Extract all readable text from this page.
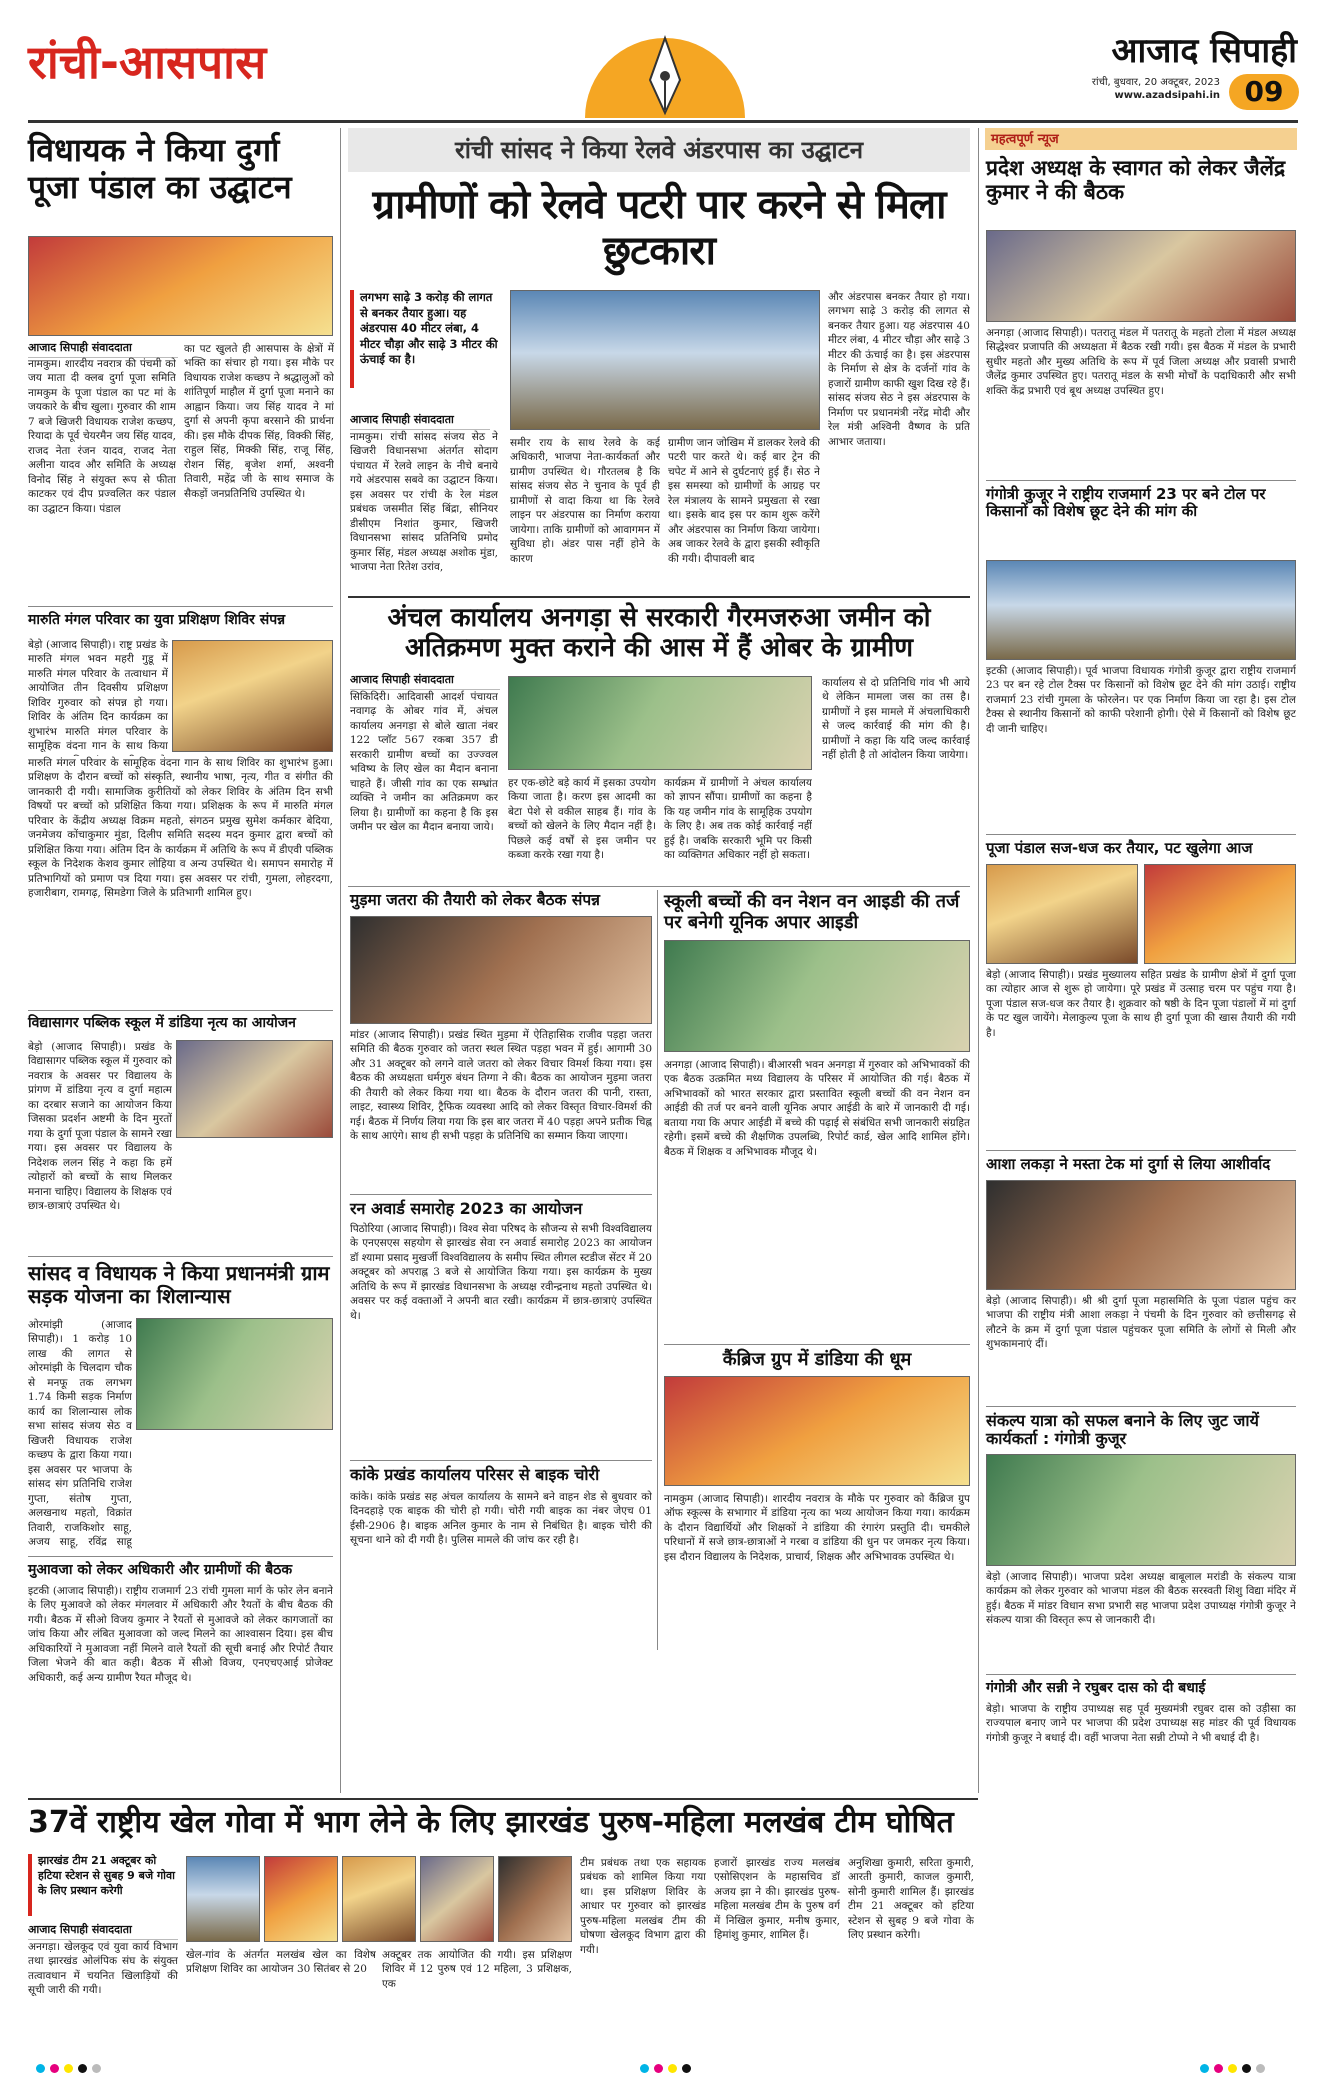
रांची-आसपास	आजाद सिपाही
रांची, बुधवार, 20 अक्टूबर, 2023
www.azadsipahi.in 09
विधायक ने किया दुर्गा पूजा पंडाल का उद्घाटन
आजाद सिपाही संवाददाता
नामकुम। शारदीय नवरात्र की पंचमी को जय माता दी क्लब दुर्गा पूजा समिति नामकुम के पूजा पंडाल का पट मां के जयकारे के बीच खुला। गुरुवार की शाम 7 बजे खिजरी विधायक राजेश कच्छप, रियादा के पूर्व चेयरमैन जय सिंह यादव, राजद नेता रंजन यादव, राजद नेता अलीना यादव और समिति के अध्यक्ष विनोद सिंह ने संयुक्त रूप से फीता काटकर एवं दीप प्रज्वलित कर पंडाल का उद्घाटन किया। पंडाल
का पट खुलते ही आसपास के क्षेत्रों में भक्ति का संचार हो गया। इस मौके पर विधायक राजेश कच्छप ने श्रद्धालुओं को शांतिपूर्ण माहौल में दुर्गा पूजा मनाने का आह्वान किया। जय सिंह यादव ने मां दुर्गा से अपनी कृपा बरसाने की प्रार्थना की। इस मौके दीपक सिंह, विक्की सिंह, राहुल सिंह, मिक्की सिंह, राजू सिंह, रोशन सिंह, बृजेश शर्मा, अश्वनी तिवारी, महेंद्र जी के साथ समाज के सैकड़ों जनप्रतिनिधि उपस्थित थे।
मारुति मंगल परिवार का युवा प्रशिक्षण शिविर संपन्न
बेड़ो (आजाद सिपाही)। राष्ट्र प्रखंड के मारुति मंगल भवन महरी गुडू में मारुति मंगल परिवार के तत्वाधान में आयोजित तीन दिवसीय प्रशिक्षण शिविर गुरुवार को संपन्न हो गया। शिविर के अंतिम दिन कार्यक्रम का शुभारंभ मारुति मंगल परिवार के सामूहिक वंदना गान के साथ किया
मारुति मंगल परिवार के सामूहिक वंदना गान के साथ शिविर का शुभारंभ हुआ। प्रशिक्षण के दौरान बच्चों को संस्कृति, स्थानीय भाषा, नृत्य, गीत व संगीत की जानकारी दी गयी। सामाजिक कुरीतियों को लेकर शिविर के अंतिम दिन सभी विषयों पर बच्चों को प्रशिक्षित किया गया। प्रशिक्षक के रूप में मारुति मंगल परिवार के केंद्रीय अध्यक्ष विक्रम महतो, संगठन प्रमुख सुमेश कर्मकार बेदिया, जनमेजय कोंचाकुमार मुंडा, दिलीप समिति सदस्य मदन कुमार द्वारा बच्चों को प्रशिक्षित किया गया। अंतिम दिन के कार्यक्रम में अतिथि के रूप में डीएवी पब्लिक स्कूल के निदेशक केशव कुमार लोहिया व अन्य उपस्थित थे। समापन समारोह में प्रतिभागियों को प्रमाण पत्र दिया गया। इस अवसर पर रांची, गुमला, लोहरदगा, हजारीबाग, रामगढ़, सिमडेगा जिले के प्रतिभागी शामिल हुए।
विद्यासागर पब्लिक स्कूल में डांडिया नृत्य का आयोजन
बेड़ो (आजाद सिपाही)। प्रखंड के विद्यासागर पब्लिक स्कूल में गुरुवार को नवरात्र के अवसर पर विद्यालय के प्रांगण में डांडिया नृत्य व दुर्गा महात्म का दरबार सजाने का आयोजन किया जिसका प्रदर्शन अष्टमी के दिन मुरतों गया के दुर्गा पूजा पंडाल के सामने रखा गया। इस अवसर पर विद्यालय के निदेशक ललन सिंह ने कहा कि हमें त्योहारों को बच्चों के साथ मिलकर मनाना चाहिए। विद्यालय के शिक्षक एवं छात्र-छात्राएं उपस्थित थे।
सांसद व विधायक ने किया प्रधानमंत्री ग्राम सड़क योजना का शिलान्यास
ओरमांझी (आजाद सिपाही)। 1 करोड़ 10 लाख की लागत से ओरमांझी के चिलदाग चौक से मनफू तक लगभग 1.74 किमी सड़क निर्माण कार्य का शिलान्यास लोक सभा सांसद संजय सेठ व खिजरी विधायक राजेश कच्छप के द्वारा किया गया। इस अवसर पर भाजपा के सांसद संग प्रतिनिधि राजेश गुप्ता, संतोष गुप्ता, अलखनाथ महतो, विक्रांत तिवारी, राजकिशोर साहू, अजय साहू, रविंद्र साहू
मुआवजा को लेकर अधिकारी और ग्रामीणों की बैठक
इटकी (आजाद सिपाही)। राष्ट्रीय राजमार्ग 23 रांची गुमला मार्ग के फोर लेन बनाने के लिए मुआवजे को लेकर मंगलवार में अधिकारी और रैयतों के बीच बैठक की गयी। बैठक में सीओ विजय कुमार ने रैयतों से मुआवजे को लेकर कागजातों का जांच किया और लंबित मुआवजा को जल्द मिलने का आश्वासन दिया। इस बीच अधिकारियों ने मुआवजा नहीं मिलने वाले रैयतों की सूची बनाई और रिपोर्ट तैयार जिला भेजने की बात कही। बैठक में सीओ विजय, एनएचएआई प्रोजेक्ट अधिकारी, कई अन्य ग्रामीण रैयत मौजूद थे।
रांची सांसद ने किया रेलवे अंडरपास का उद्घाटन
ग्रामीणों को रेलवे पटरी पार करने से मिला छुटकारा
लगभग साढ़े 3 करोड़ की लागत से बनकर तैयार हुआ। यह अंडरपास 40 मीटर लंबा, 4 मीटर चौड़ा और साढ़े 3 मीटर की ऊंचाई का है।
और अंडरपास बनकर तैयार हो गया। लगभग साढ़े 3 करोड़ की लागत से बनकर तैयार हुआ। यह अंडरपास 40 मीटर लंबा, 4 मीटर चौड़ा और साढ़े 3 मीटर की ऊंचाई का है। इस अंडरपास के निर्माण से क्षेत्र के दर्जनों गांव के हजारों ग्रामीण काफी खुश दिख रहे हैं। सांसद संजय सेठ ने इस अंडरपास के निर्माण पर प्रधानमंत्री नरेंद्र मोदी और रेल मंत्री अश्विनी वैष्णव के प्रति आभार जताया।
आजाद सिपाही संवाददाता
नामकुम। रांची सांसद संजय सेठ ने खिजरी विधानसभा अंतर्गत सोदाग पंचायत में रेलवे लाइन के नीचे बनाये गये अंडरपास सबवे का उद्घाटन किया। इस अवसर पर रांची के रेल मंडल प्रबंधक जसमीत सिंह बिंद्रा, सीनियर डीसीएम निशांत कुमार, खिजरी विधानसभा सांसद प्रतिनिधि प्रमोद कुमार सिंह, मंडल अध्यक्ष अशोक मुंडा, भाजपा नेता रितेश उरांव,
समीर राय के साथ रेलवे के कई अधिकारी, भाजपा नेता-कार्यकर्ता और ग्रामीण उपस्थित थे। गौरतलब है कि सांसद संजय सेठ ने चुनाव के पूर्व ही ग्रामीणों से वादा किया था कि रेलवे लाइन पर अंडरपास का निर्माण कराया जायेगा। ताकि ग्रामीणों को आवागमन में सुविधा हो। अंडर पास नहीं होने के कारण
ग्रामीण जान जोखिम में डालकर रेलवे की पटरी पार करते थे। कई बार ट्रेन की चपेट में आने से दुर्घटनाएं हुई हैं। सेठ ने इस समस्या को ग्रामीणों के आग्रह पर रेल मंत्रालय के सामने प्रमुखता से रखा था। इसके बाद इस पर काम शुरू करेंगे और अंडरपास का निर्माण किया जायेगा। अब जाकर रेलवे के द्वारा इसकी स्वीकृति की गयी। दीपावली बाद
अंचल कार्यालय अनगड़ा से सरकारी गैरमजरुआ जमीन को अतिक्रमण मुक्त कराने की आस में हैं ओबर के ग्रामीण
आजाद सिपाही संवाददाता
सिकिदिरी। आदिवासी आदर्श पंचायत नवागढ़ के ओबर गांव में, अंचल कार्यालय अनगड़ा से बोले खाता नंबर 122 प्लॉट 567 रकबा 357 डी सरकारी ग्रामीण बच्चों का उज्ज्वल भविष्य के लिए खेल का मैदान बनाना चाहते हैं। जीसी गांव का एक सम्भ्रांत व्यक्ति ने जमीन का अतिक्रमण कर लिया है। ग्रामीणों का कहना है कि इस जमीन पर खेल का मैदान बनाया जाये।
हर एक-छोटे बड़े कार्य में इसका उपयोग किया जाता है। करण इस आदमी का बेटा पेशे से वकील साहब हैं। गांव के बच्चों को खेलने के लिए मैदान नहीं है। पिछले कई वर्षों से इस जमीन पर कब्जा करके रखा गया है।
कार्यक्रम में ग्रामीणों ने अंचल कार्यालय को ज्ञापन सौंपा। ग्रामीणों का कहना है कि यह जमीन गांव के सामूहिक उपयोग के लिए है। अब तक कोई कार्रवाई नहीं हुई है। जबकि सरकारी भूमि पर किसी का व्यक्तिगत अधिकार नहीं हो सकता।
कार्यालय से दो प्रतिनिधि गांव भी आये थे लेकिन मामला जस का तस है। ग्रामीणों ने इस मामले में अंचलाधिकारी से जल्द कार्रवाई की मांग की है। ग्रामीणों ने कहा कि यदि जल्द कार्रवाई नहीं होती है तो आंदोलन किया जायेगा।
मुड़मा जतरा की तैयारी को लेकर बैठक संपन्न
मांडर (आजाद सिपाही)। प्रखंड स्थित मुड़मा में ऐतिहासिक राजीव पड़हा जतरा समिति की बैठक गुरुवार को जतरा स्थल स्थित पड़हा भवन में हुई। आगामी 30 और 31 अक्टूबर को लगने वाले जतरा को लेकर विचार विमर्श किया गया। इस बैठक की अध्यक्षता धर्मगुरु बंधन तिग्गा ने की। बैठक का आयोजन मुड़मा जतरा की तैयारी को लेकर किया गया था। बैठक के दौरान जतरा की पानी, रास्ता, लाइट, स्वास्थ्य शिविर, ट्रैफिक व्यवस्था आदि को लेकर विस्तृत विचार-विमर्श की गई। बैठक में निर्णय लिया गया कि इस बार जतरा में 40 पड़हा अपने प्रतीक चिह्न के साथ आएंगे। साथ ही सभी पड़हा के प्रतिनिधि का सम्मान किया जाएगा।
रन अवार्ड समारोह 2023 का आयोजन
पिठोरिया (आजाद सिपाही)। विश्व सेवा परिषद के सौजन्य से सभी विश्वविद्यालय के एनएसएस सहयोग से झारखंड सेवा रन अवार्ड समारोह 2023 का आयोजन डॉ श्यामा प्रसाद मुखर्जी विश्वविद्यालय के समीप स्थित लीगल स्टडीज सेंटर में 20 अक्टूबर को अपराह्न 3 बजे से आयोजित किया गया। इस कार्यक्रम के मुख्य अतिथि के रूप में झारखंड विधानसभा के अध्यक्ष रवीन्द्रनाथ महतो उपस्थित थे। अवसर पर कई वक्ताओं ने अपनी बात रखी। कार्यक्रम में छात्र-छात्राएं उपस्थित थे।
कांके प्रखंड कार्यालय परिसर से बाइक चोरी
कांके। कांके प्रखंड सह अंचल कार्यालय के सामने बने वाहन शेड से बुधवार को दिनदहाड़े एक बाइक की चोरी हो गयी। चोरी गयी बाइक का नंबर जेएच 01 ईसी-2906 है। बाइक अनिल कुमार के नाम से निबंधित है। बाइक चोरी की सूचना थाने को दी गयी है। पुलिस मामले की जांच कर रही है।
स्कूली बच्चों की वन नेशन वन आइडी की तर्ज पर बनेगी यूनिक अपार आइडी
अनगड़ा (आजाद सिपाही)। बीआरसी भवन अनगड़ा में गुरुवार को अभिभावकों की एक बैठक उत्क्रमित मध्य विद्यालय के परिसर में आयोजित की गई। बैठक में अभिभावकों को भारत सरकार द्वारा प्रस्तावित स्कूली बच्चों की वन नेशन वन आईडी की तर्ज पर बनने वाली यूनिक अपार आईडी के बारे में जानकारी दी गई। बताया गया कि अपार आईडी में बच्चे की पढ़ाई से संबंधित सभी जानकारी संग्रहित रहेगी। इसमें बच्चे की शैक्षणिक उपलब्धि, रिपोर्ट कार्ड, खेल आदि शामिल होंगे। बैठक में शिक्षक व अभिभावक मौजूद थे।
कैंब्रिज ग्रुप में डांडिया की धूम
नामकुम (आजाद सिपाही)। शारदीय नवरात्र के मौके पर गुरुवार को कैंब्रिज ग्रुप ऑफ स्कूल्स के सभागार में डांडिया नृत्य का भव्य आयोजन किया गया। कार्यक्रम के दौरान विद्यार्थियों और शिक्षकों ने डांडिया की रंगारंग प्रस्तुति दी। चमकीले परिधानों में सजे छात्र-छात्राओं ने गरबा व डांडिया की धुन पर जमकर नृत्य किया। इस दौरान विद्यालय के निदेशक, प्राचार्य, शिक्षक और अभिभावक उपस्थित थे।
महत्वपूर्ण न्यूज
प्रदेश अध्यक्ष के स्वागत को लेकर जैलेंद्र कुमार ने की बैठक
अनगड़ा (आजाद सिपाही)। पतरातू मंडल में पतरातू के महतो टोला में मंडल अध्यक्ष सिद्धेश्वर प्रजापति की अध्यक्षता में बैठक रखी गयी। इस बैठक में मंडल के प्रभारी सुधीर महतो और मुख्य अतिथि के रूप में पूर्व जिला अध्यक्ष और प्रवासी प्रभारी जैलेंद्र कुमार उपस्थित हुए। पतरातू मंडल के सभी मोर्चों के पदाधिकारी और सभी शक्ति केंद्र प्रभारी एवं बूथ अध्यक्ष उपस्थित हुए।
गंगोत्री कुजूर ने राष्ट्रीय राजमार्ग 23 पर बने टोल पर किसानों को विशेष छूट देने की मांग की
इटकी (आजाद सिपाही)। पूर्व भाजपा विधायक गंगोत्री कुजूर द्वारा राष्ट्रीय राजमार्ग 23 पर बन रहे टोल टैक्स पर किसानों को विशेष छूट देने की मांग उठाई। राष्ट्रीय राजमार्ग 23 रांची गुमला के फोरलेन। पर एक निर्माण किया जा रहा है। इस टोल टैक्स से स्थानीय किसानों को काफी परेशानी होगी। ऐसे में किसानों को विशेष छूट दी जानी चाहिए।
पूजा पंडाल सज-धज कर तैयार, पट खुलेगा आज
बेड़ो (आजाद सिपाही)। प्रखंड मुख्यालय सहित प्रखंड के ग्रामीण क्षेत्रों में दुर्गा पूजा का त्योहार आज से शुरू हो जायेगा। पूरे प्रखंड में उत्साह चरम पर पहुंच गया है। पूजा पंडाल सज-धज कर तैयार है। शुक्रवार को षष्ठी के दिन पूजा पंडालों में मां दुर्गा के पट खुल जायेंगे। मेलाकुल्य पूजा के साथ ही दुर्गा पूजा की खास तैयारी की गयी है।
आशा लकड़ा ने मस्ता टेक मां दुर्गा से लिया आशीर्वाद
बेड़ो (आजाद सिपाही)। श्री श्री दुर्गा पूजा महासमिति के पूजा पंडाल पहुंच कर भाजपा की राष्ट्रीय मंत्री आशा लकड़ा ने पंचमी के दिन गुरुवार को छत्तीसगढ़ से लौटने के क्रम में दुर्गा पूजा पंडाल पहुंचकर पूजा समिति के लोगों से मिली और शुभकामनाएं दीं।
संकल्प यात्रा को सफल बनाने के लिए जुट जायें कार्यकर्ता : गंगोत्री कुजूर
बेड़ो (आजाद सिपाही)। भाजपा प्रदेश अध्यक्ष बाबूलाल मरांडी के संकल्प यात्रा कार्यक्रम को लेकर गुरुवार को भाजपा मंडल की बैठक सरस्वती शिशु विद्या मंदिर में हुई। बैठक में मांडर विधान सभा प्रभारी सह भाजपा प्रदेश उपाध्यक्ष गंगोत्री कुजूर ने संकल्प यात्रा की विस्तृत रूप से जानकारी दी।
गंगोत्री और सन्नी ने रघुबर दास को दी बधाई
बेड़ो। भाजपा के राष्ट्रीय उपाध्यक्ष सह पूर्व मुख्यमंत्री रघुबर दास को उड़ीसा का राज्यपाल बनाए जाने पर भाजपा की प्रदेश उपाध्यक्ष सह मांडर की पूर्व विधायक गंगोत्री कुजूर ने बधाई दी। वहीं भाजपा नेता सन्नी टोप्पो ने भी बधाई दी है।
37वें राष्ट्रीय खेल गोवा में भाग लेने के लिए झारखंड पुरुष-महिला मलखंब टीम घोषित
झारखंड टीम 21 अक्टूबर को हटिया स्टेशन से सुबह 9 बजे गोवा के लिए प्रस्थान करेगी
आजाद सिपाही संवाददाता
अनगड़ा। खेलकूद एवं युवा कार्य विभाग तथा झारखंड ओलंपिक संघ के संयुक्त तत्वावधान में चयनित खिलाड़ियों की सूची जारी की गयी।
खेल-गांव के अंतर्गत मलखंब खेल का विशेष प्रशिक्षण शिविर का आयोजन 30 सितंबर से 20
अक्टूबर तक आयोजित की गयी। इस प्रशिक्षण शिविर में 12 पुरुष एवं 12 महिला, 3 प्रशिक्षक, एक
टीम प्रबंधक तथा एक सहायक प्रबंधक को शामिल किया गया था। इस प्रशिक्षण शिविर के आधार पर गुरुवार को झारखंड पुरुष-महिला मलखंब टीम की घोषणा खेलकूद विभाग द्वारा की गयी।
हजारों झारखंड राज्य मलखंब एसोसिएशन के महासचिव डॉ अजय झा ने की। झारखंड पुरुष-महिला मलखंब टीम के पुरुष वर्ग में निखिल कुमार, मनीष कुमार, हिमांशु कुमार, शामिल हैं।
अनुशिखा कुमारी, सरिता कुमारी, आरती कुमारी, काजल कुमारी, सोनी कुमारी शामिल हैं। झारखंड टीम 21 अक्टूबर को हटिया स्टेशन से सुबह 9 बजे गोवा के लिए प्रस्थान करेगी।
